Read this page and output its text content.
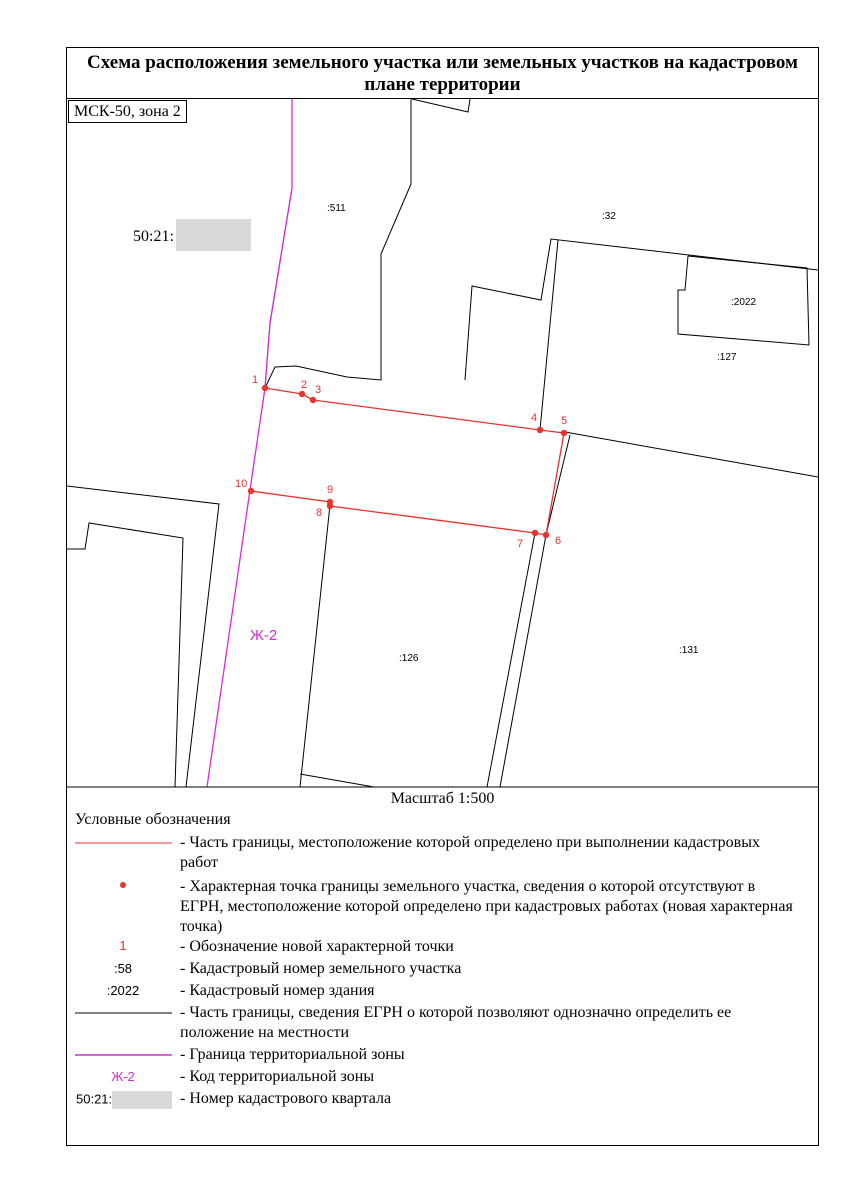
Схема расположения земельного участка или земельных участков на кадастровом плане территории
1	2 3
4 5
6
7
8
9
10
:511
:32
:2022
:127
:126
:131
Ж-2
50:21:
МСК-50, зона 2
Масштаб 1:500
Условные обозначения
- Часть границы, местоположение которой определено при выполнении кадастровых работ
- Характерная точка границы земельного участка, сведения о которой отсутствуют в ЕГРН, местоположение которой определено при кадастровых работах (новая характерная точка)
1	- Обозначение новой характерной точки
:58	- Кадастровый номер земельного участка
:2022	- Кадастровый номер здания
- Часть границы, сведения ЕГРН о которой позволяют однозначно определить ее положение на местности
- Граница территориальной зоны
Ж-2	- Код территориальной зоны
50:21:	- Номер кадастрового квартала
